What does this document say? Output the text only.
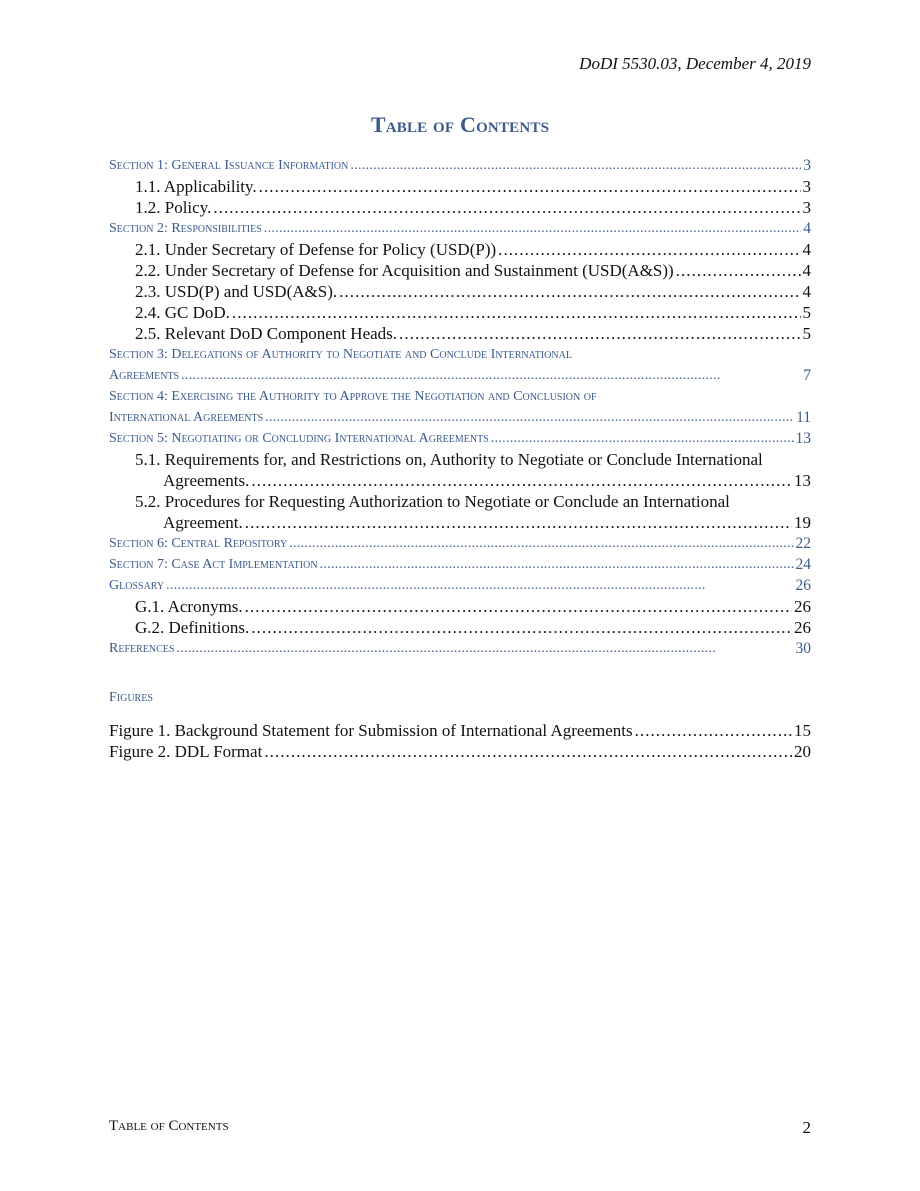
DoDI 5530.03, December 4, 2019
Table of Contents
Section 1: General Issuance Information . . .	3
1.1. Applicability. . . .	3
1.2. Policy. . . .	3
Section 2: Responsibilities . . .	4
2.1. Under Secretary of Defense for Policy (USD(P)) . . .	4
2.2. Under Secretary of Defense for Acquisition and Sustainment (USD(A&S)) . . .	4
2.3. USD(P) and USD(A&S). . . .	4
2.4. GC DoD. . . .	5
2.5. Relevant DoD Component Heads. . . .	5
Section 3: Delegations of Authority to Negotiate and Conclude International
Agreements . . .	7
Section 4: Exercising the Authority to Approve the Negotiation and Conclusion of
International Agreements . . .	11
Section 5: Negotiating or Concluding International Agreements . . .	13
5.1. Requirements for, and Restrictions on, Authority to Negotiate or Conclude International
Agreements. . . .	13
5.2. Procedures for Requesting Authorization to Negotiate or Conclude an International
Agreement. . . .	19
Section 6: Central Repository . . .	22
Section 7: Case Act Implementation . . .	24
Glossary . . .	26
G.1. Acronyms. . . .	26
G.2. Definitions. . . .	26
References . . .	30
Figures
Figure 1. Background Statement for Submission of International Agreements . . .	15
Figure 2. DDL Format . . .	20
Table of Contents	2
